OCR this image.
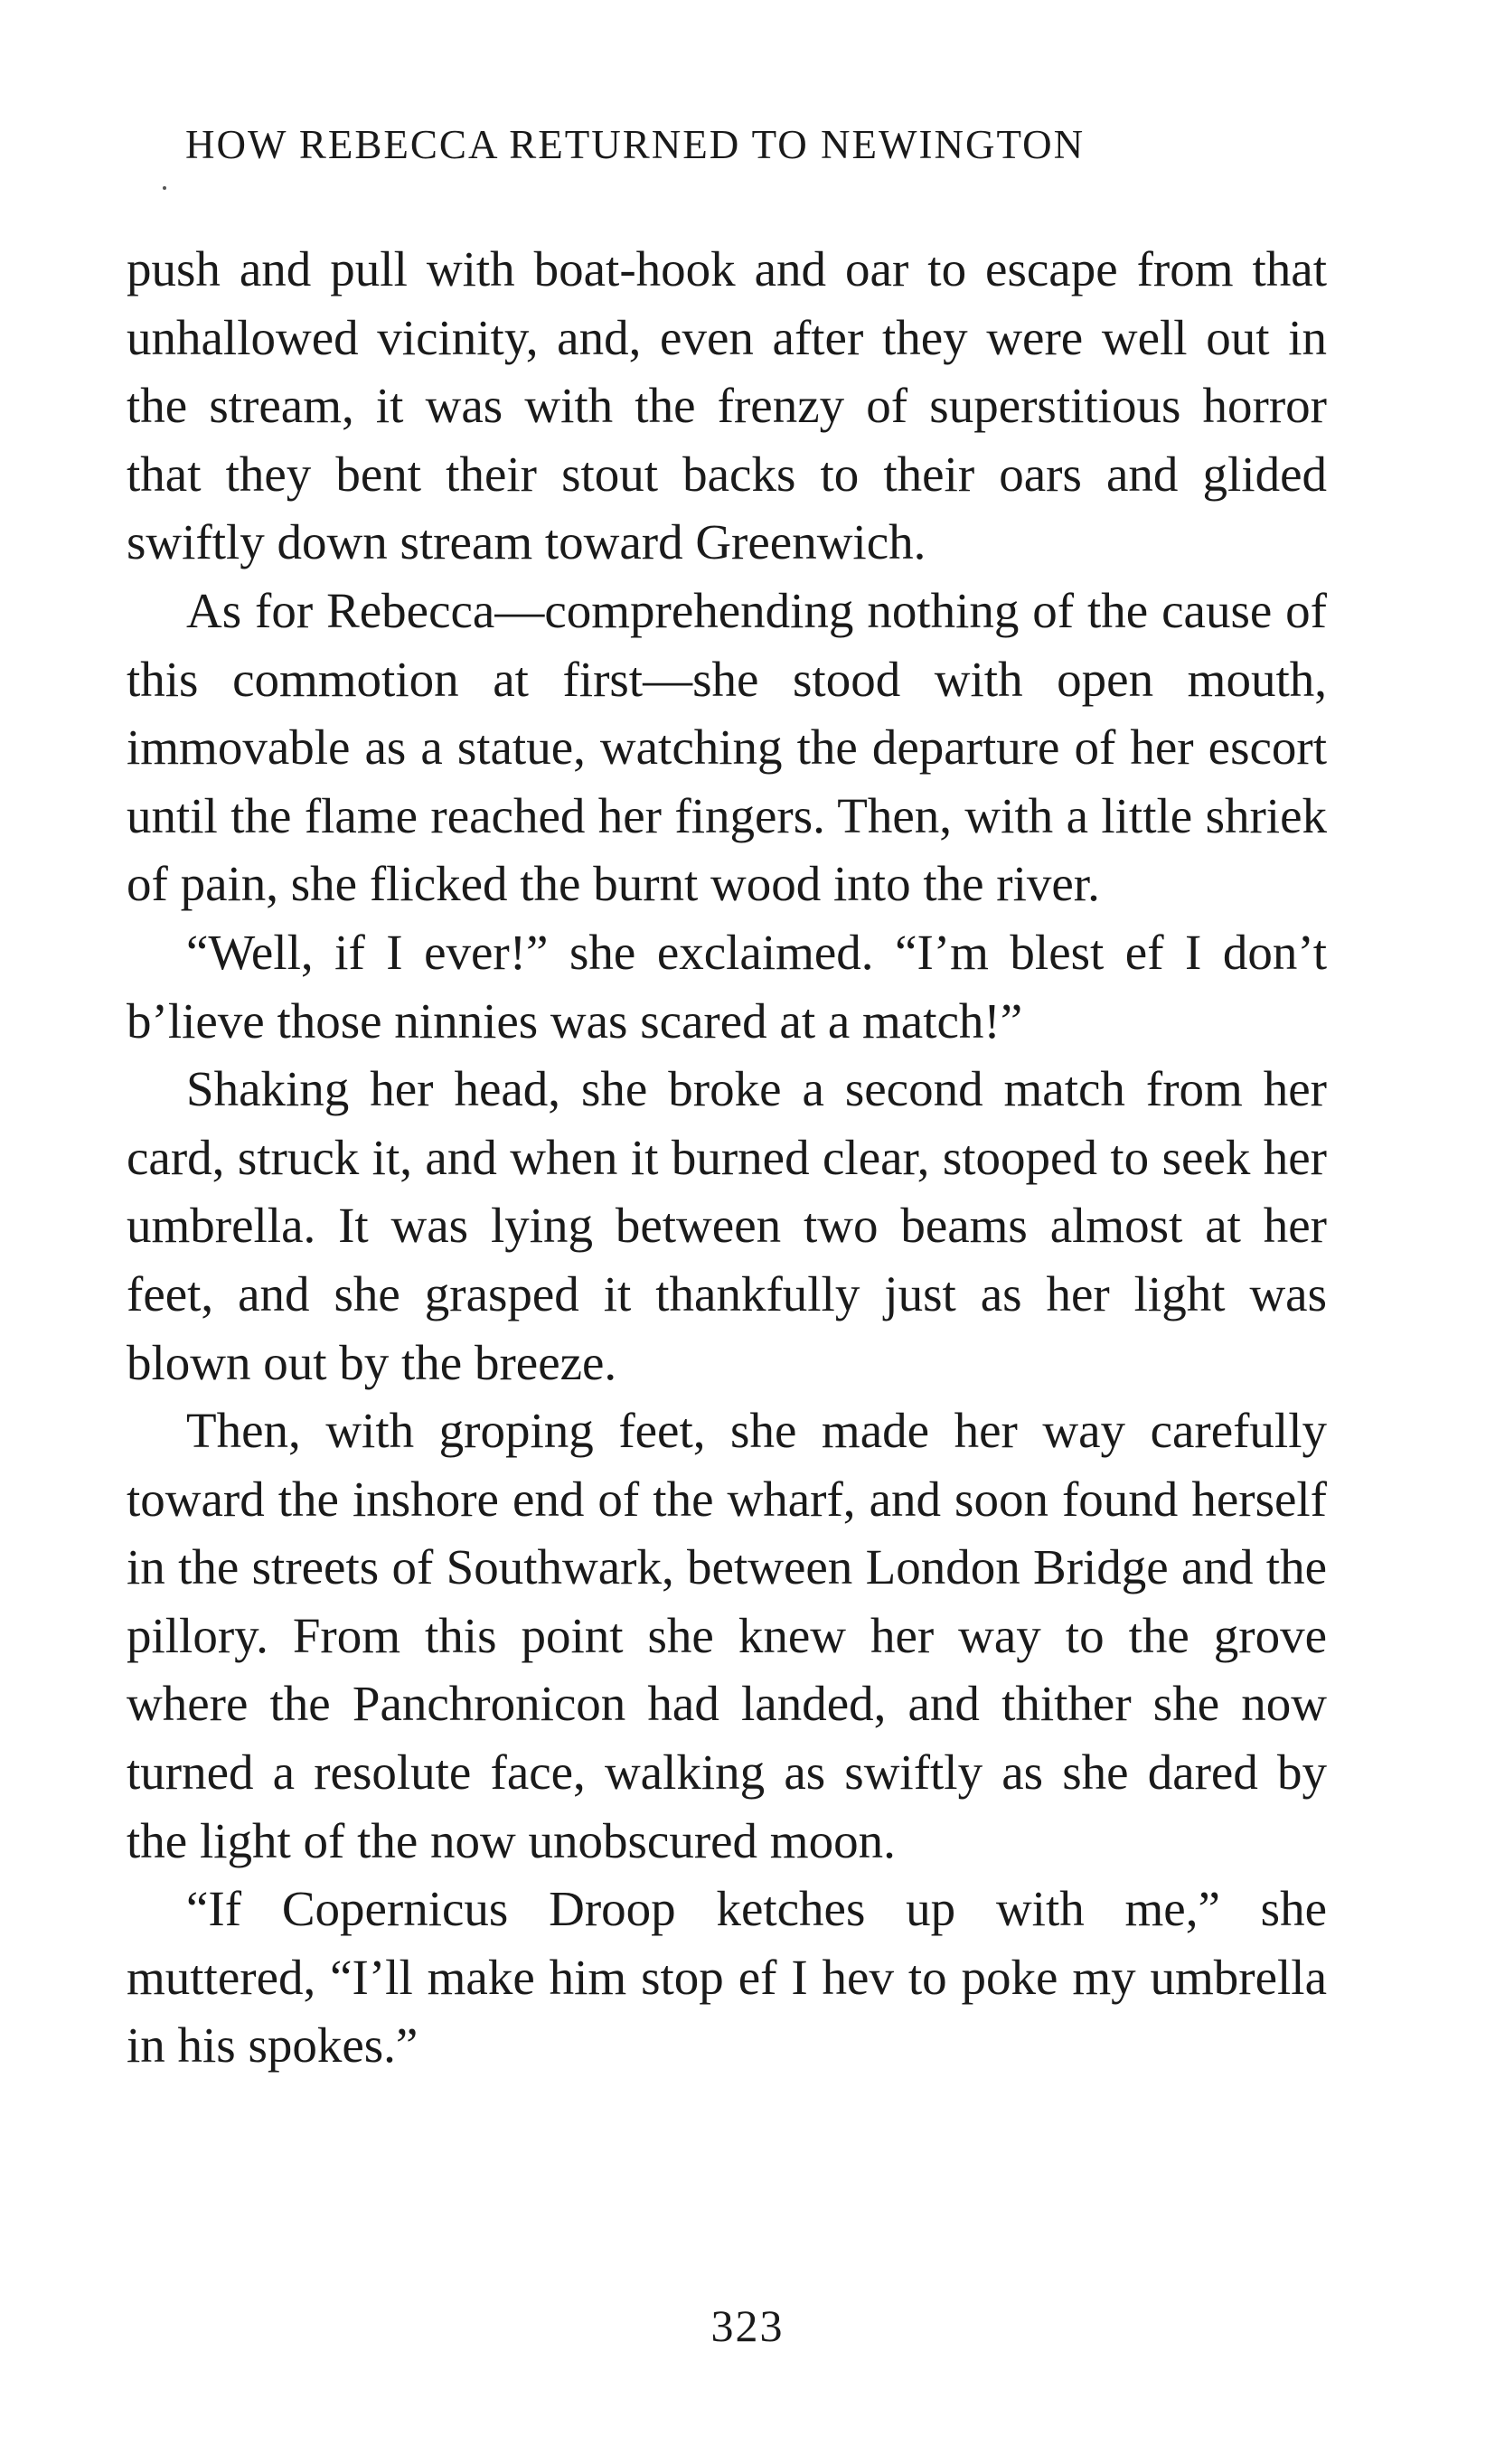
HOW REBECCA RETURNED TO NEWINGTON

push and pull with boat-hook and oar to escape from that unhallowed vicinity, and, even after they were well out in the stream, it was with the frenzy of superstitious horror that they bent their stout backs to their oars and glided swiftly down stream toward Greenwich.

As for Rebecca—comprehending nothing of the cause of this commotion at first—she stood with open mouth, immovable as a statue, watching the departure of her escort until the flame reached her fingers. Then, with a little shriek of pain, she flicked the burnt wood into the river.

“Well, if I ever!” she exclaimed. “I’m blest ef I don’t b’lieve those ninnies was scared at a match!”

Shaking her head, she broke a second match from her card, struck it, and when it burned clear, stooped to seek her umbrella. It was lying between two beams almost at her feet, and she grasped it thankfully just as her light was blown out by the breeze.

Then, with groping feet, she made her way carefully toward the inshore end of the wharf, and soon found herself in the streets of Southwark, between London Bridge and the pillory. From this point she knew her way to the grove where the Panchronicon had landed, and thither she now turned a resolute face, walking as swiftly as she dared by the light of the now unobscured moon.

“If Copernicus Droop ketches up with me,” she muttered, “I’ll make him stop ef I hev to poke my umbrella in his spokes.”

323
